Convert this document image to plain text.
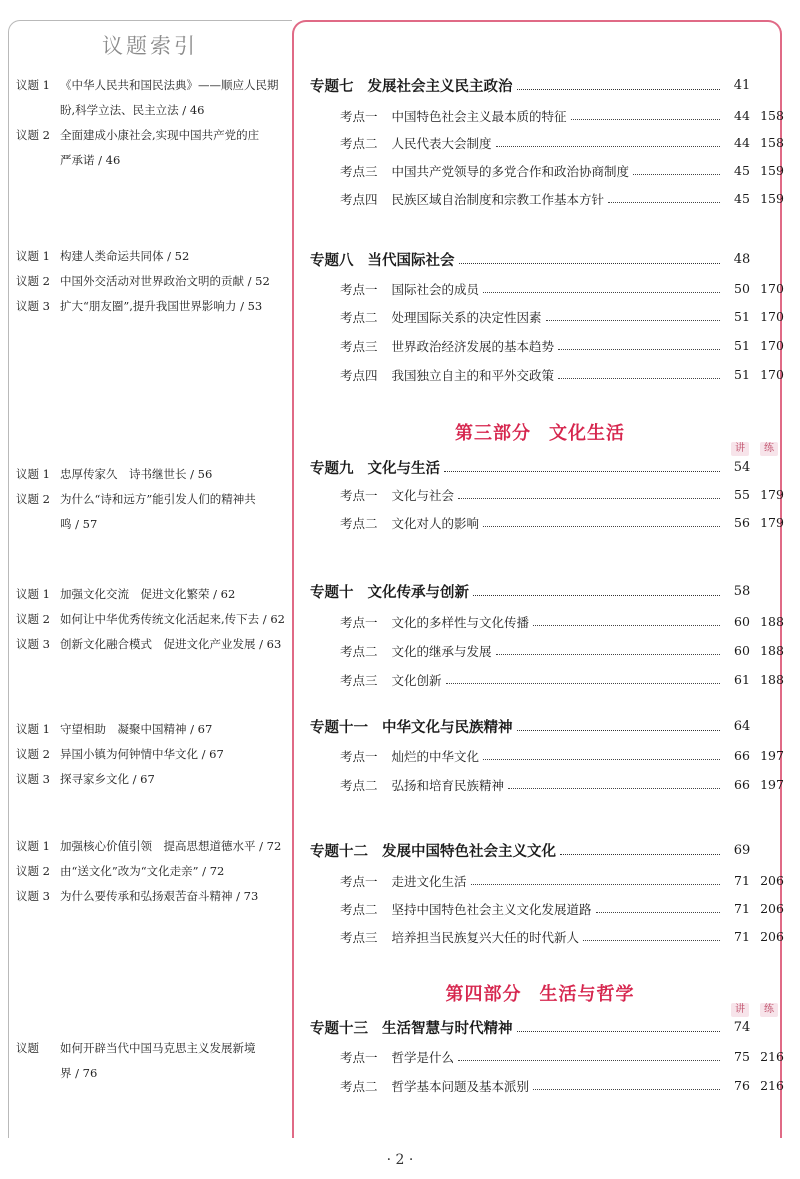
议题索引
议题 1 《中华人民共和国民法典》——顺应人民期
盼,科学立法、民主立法 / 46
议题 2 全面建成小康社会,实现中国共产党的庄
严承诺 / 46
议题 1 构建人类命运共同体 / 52
议题 2 中国外交活动对世界政治文明的贡献 / 52
议题 3 扩大“朋友圈”,提升我国世界影响力 / 53
议题 1 忠厚传家久　诗书继世长 / 56
议题 2 为什么“诗和远方”能引发人们的精神共
鸣 / 57
议题 1 加强文化交流　促进文化繁荣 / 62
议题 2 如何让中华优秀传统文化活起来,传下去 / 62
议题 3 创新文化融合模式　促进文化产业发展 / 63
议题 1 守望相助　凝聚中国精神 / 67
议题 2 异国小镇为何钟情中华文化 / 67
议题 3 探寻家乡文化 / 67
议题 1 加强核心价值引领　提高思想道德水平 / 72
议题 2 由“送文化”改为“文化走亲” / 72
议题 3 为什么要传承和弘扬艰苦奋斗精神 / 73
议题	如何开辟当代中国马克思主义发展新境
界 / 76
专题七 发展社会主义民主政治	41
考点一 中国特色社会主义最本质的特征	44 158
考点二 人民代表大会制度	44 158
考点三 中国共产党领导的多党合作和政治协商制度	45 159
考点四 民族区域自治制度和宗教工作基本方针	45 159
专题八 当代国际社会	48
考点一 国际社会的成员	50 170
考点二 处理国际关系的决定性因素	51 170
考点三 世界政治经济发展的基本趋势	51 170
考点四 我国独立自主的和平外交政策	51 170
第三部分 文化生活
讲	练
专题九 文化与生活	54
考点一 文化与社会	55 179
考点二 文化对人的影响	56 179
专题十 文化传承与创新	58
考点一 文化的多样性与文化传播	60 188
考点二 文化的继承与发展	60 188
考点三 文化创新	61 188
专题十一 中华文化与民族精神	64
考点一 灿烂的中华文化	66 197
考点二 弘扬和培育民族精神	66 197
专题十二 发展中国特色社会主义文化	69
考点一 走进文化生活	71 206
考点二 坚持中国特色社会主义文化发展道路	71 206
考点三 培养担当民族复兴大任的时代新人	71 206
第四部分 生活与哲学
讲	练
专题十三 生活智慧与时代精神	74
考点一 哲学是什么	75 216
考点二 哲学基本问题及基本派别	76 216
· 2 ·
